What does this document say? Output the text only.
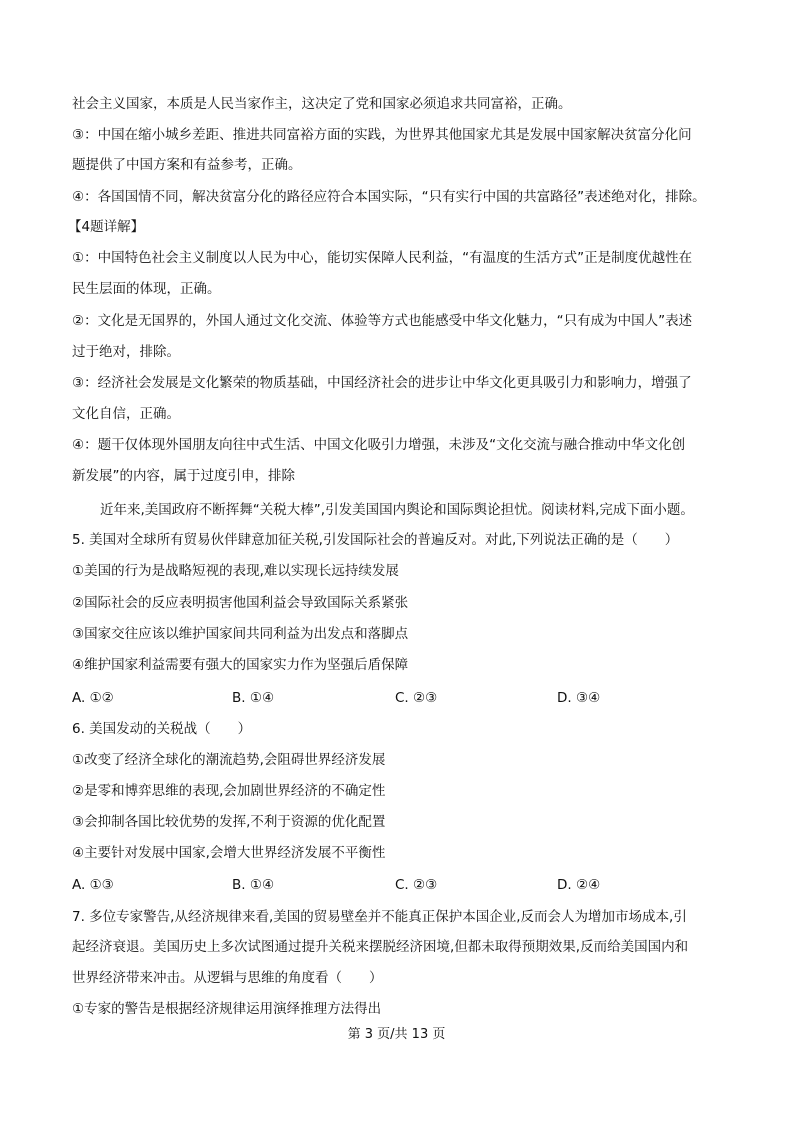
社会主义国家，本质是人民当家作主，这决定了党和国家必须追求共同富裕，正确。
③：中国在缩小城乡差距、推进共同富裕方面的实践，为世界其他国家尤其是发展中国家解决贫富分化问
题提供了中国方案和有益参考，正确。
④：各国国情不同，解决贫富分化的路径应符合本国实际，“只有实行中国的共富路径”表述绝对化，排除。
【4题详解】
①：中国特色社会主义制度以人民为中心，能切实保障人民利益，“有温度的生活方式”正是制度优越性在
民生层面的体现，正确。
②：文化是无国界的，外国人通过文化交流、体验等方式也能感受中华文化魅力，“只有成为中国人”表述
过于绝对，排除。
③：经济社会发展是文化繁荣的物质基础，中国经济社会的进步让中华文化更具吸引力和影响力，增强了
文化自信，正确。
④：题干仅体现外国朋友向往中式生活、中国文化吸引力增强，未涉及“文化交流与融合推动中华文化创
新发展”的内容，属于过度引申，排除
近年来,美国政府不断挥舞“关税大棒”,引发美国国内舆论和国际舆论担忧。阅读材料,完成下面小题。
5. 美国对全球所有贸易伙伴肆意加征关税,引发国际社会的普遍反对。对此,下列说法正确的是（　　）
①美国的行为是战略短视的表现,难以实现长远持续发展
②国际社会的反应表明损害他国利益会导致国际关系紧张
③国家交往应该以维护国家间共同利益为出发点和落脚点
④维护国家利益需要有强大的国家实力作为坚强后盾保障
A. ①②	B. ①④	C. ②③	D. ③④
6. 美国发动的关税战（　　）
①改变了经济全球化的潮流趋势,会阻碍世界经济发展
②是零和博弈思维的表现,会加剧世界经济的不确定性
③会抑制各国比较优势的发挥,不利于资源的优化配置
④主要针对发展中国家,会增大世界经济发展不平衡性
A. ①③	B. ①④	C. ②③	D. ②④
7. 多位专家警告,从经济规律来看,美国的贸易壁垒并不能真正保护本国企业,反而会人为增加市场成本,引
起经济衰退。美国历史上多次试图通过提升关税来摆脱经济困境,但都未取得预期效果,反而给美国国内和
世界经济带来冲击。从逻辑与思维的角度看（　　）
①专家的警告是根据经济规律运用演绎推理方法得出
第 3 页/共 13 页
